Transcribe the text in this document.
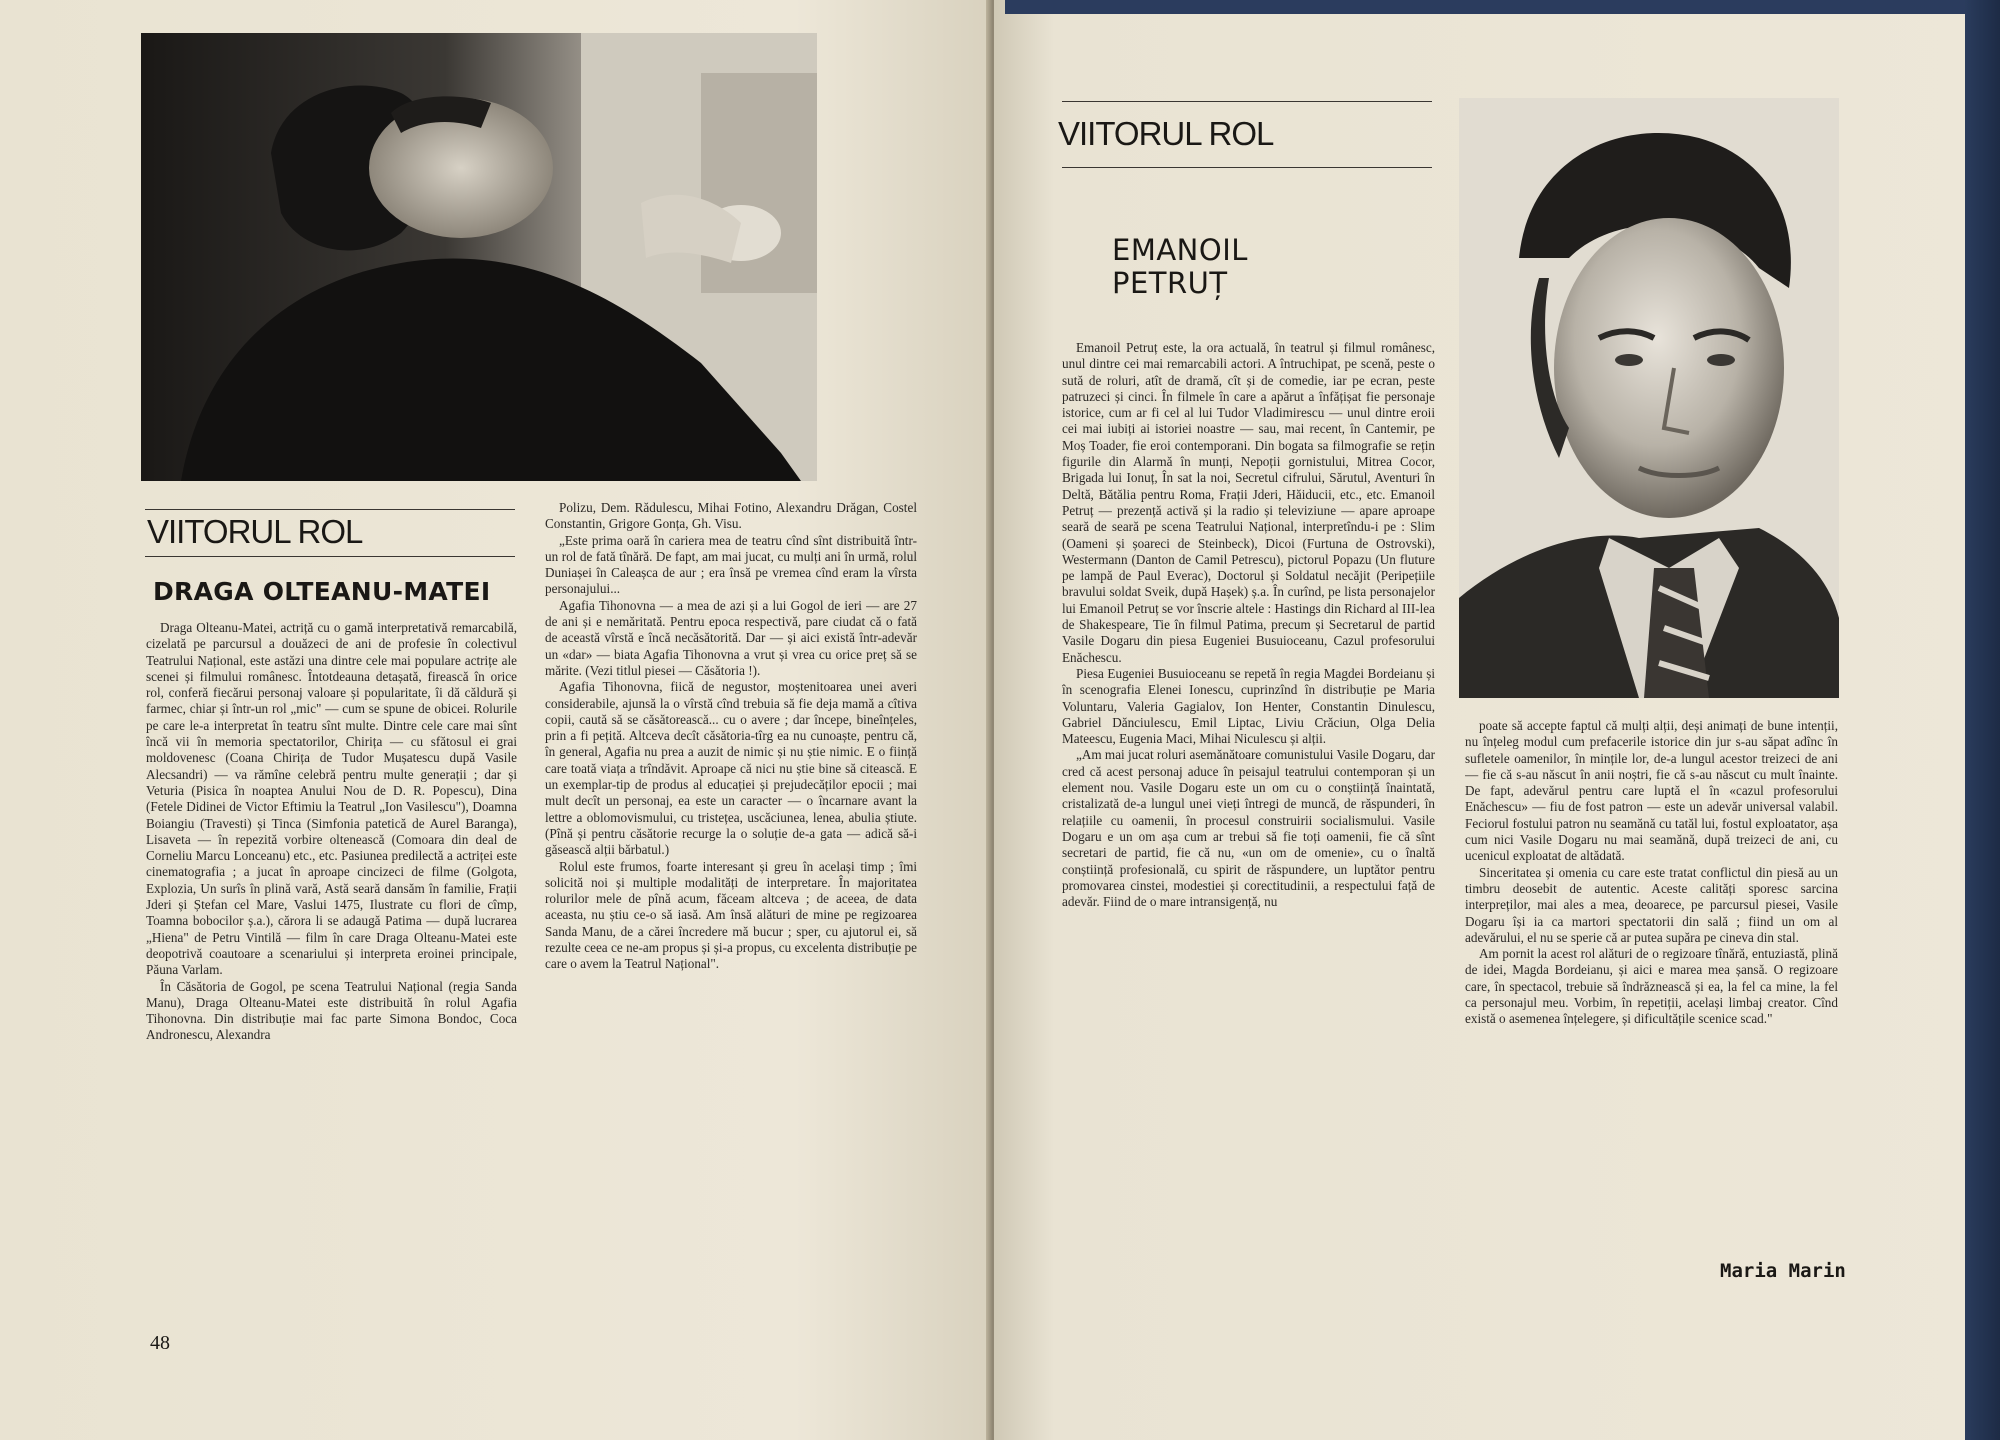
VIITORUL ROL
DRAGA OLTEANU-MATEI

Draga Olteanu-Matei, actriță cu o gamă interpretativă remarcabilă, cizelată pe parcursul a douăzeci de ani de profesie în colectivul Teatrului Național, este astăzi una dintre cele mai populare actrițe ale scenei și filmului românesc. Întotdeauna detașată, firească în orice rol, conferă fiecărui personaj valoare și popularitate, îi dă căldură și farmec, chiar și într-un rol „mic" — cum se spune de obicei. Rolurile pe care le-a interpretat în teatru sînt multe. Dintre cele care mai sînt încă vii în memoria spectatorilor, Chirița — cu sfătosul ei grai moldovenesc (Coana Chirița de Tudor Mușatescu după Vasile Alecsandri) — va rămîne celebră pentru multe generații ; dar și Veturia (Pisica în noaptea Anului Nou de D. R. Popescu), Dina (Fetele Didinei de Victor Eftimiu la Teatrul „Ion Vasilescu"), Doamna Boiangiu (Travesti) și Tinca (Simfonia patetică de Aurel Baranga), Lisaveta — în repezită vorbire oltenească (Comoara din deal de Corneliu Marcu Lonceanu) etc., etc. Pasiunea predilectă a actriței este cinematografia ; a jucat în aproape cincizeci de filme (Golgota, Explozia, Un surîs în plină vară, Astă seară dansăm în familie, Frații Jderi și Ștefan cel Mare, Vaslui 1475, Ilustrate cu flori de cîmp, Toamna bobocilor ș.a.), cărora li se adaugă Patima — după lucrarea „Hiena" de Petru Vintilă — film în care Draga Olteanu-Matei este deopotrivă coautoare a scenariului și interpreta eroinei principale, Păuna Varlam.

În Căsătoria de Gogol, pe scena Teatrului Național (regia Sanda Manu), Draga Olteanu-Matei este distribuită în rolul Agafia Tihonovna. Din distribuție mai fac parte Simona Bondoc, Coca Andronescu, Alexandra

Polizu, Dem. Rădulescu, Mihai Fotino, Alexandru Drăgan, Costel Constantin, Grigore Gonța, Gh. Visu.

„Este prima oară în cariera mea de teatru cînd sînt distribuită într-un rol de fată tînără. De fapt, am mai jucat, cu mulți ani în urmă, rolul Duniașei în Caleașca de aur ; era însă pe vremea cînd eram la vîrsta personajului...

Agafia Tihonovna — a mea de azi și a lui Gogol de ieri — are 27 de ani și e nemăritată. Pentru epoca respectivă, pare ciudat că o fată de această vîrstă e încă necăsătorită. Dar — și aici există într-adevăr un «dar» — biata Agafia Tihonovna a vrut și vrea cu orice preț să se mărite. (Vezi titlul piesei — Căsătoria !).

Agafia Tihonovna, fiică de negustor, moștenitoarea unei averi considerabile, ajunsă la o vîrstă cînd trebuia să fie deja mamă a cîtiva copii, caută să se căsătorească... cu o avere ; dar începe, bineînțeles, prin a fi pețită. Altceva decît căsătoria-tîrg ea nu cunoaște, pentru că, în general, Agafia nu prea a auzit de nimic și nu știe nimic. E o ființă care toată viața a trîndăvit. Aproape că nici nu știe bine să citească. E un exemplar-tip de produs al educației și prejudecăților epocii ; mai mult decît un personaj, ea este un caracter — o încarnare avant la lettre a oblomovismului, cu tristețea, uscăciunea, lenea, abulia știute. (Pînă și pentru căsătorie recurge la o soluție de-a gata — adică să-i găsească alții bărbatul.)

Rolul este frumos, foarte interesant și greu în același timp ; îmi solicită noi și multiple modalități de interpretare. În majoritatea rolurilor mele de pînă acum, făceam altceva ; de aceea, de data aceasta, nu știu ce-o să iasă. Am însă alături de mine pe regizoarea Sanda Manu, de a cărei încredere mă bucur ; sper, cu ajutorul ei, să rezulte ceea ce ne-am propus și și-a propus, cu excelenta distribuție pe care o avem la Teatrul Național".

48
VIITORUL ROL
EMANOIL
PETRUȚ

Emanoil Petruț este, la ora actuală, în teatrul și filmul românesc, unul dintre cei mai remarcabili actori. A întruchipat, pe scenă, peste o sută de roluri, atît de dramă, cît și de comedie, iar pe ecran, peste patruzeci și cinci. În filmele în care a apărut a înfățișat fie personaje istorice, cum ar fi cel al lui Tudor Vladimirescu — unul dintre eroii cei mai iubiți ai istoriei noastre — sau, mai recent, în Cantemir, pe Moș Toader, fie eroi contemporani. Din bogata sa filmografie se rețin figurile din Alarmă în munți, Nepoții gornistului, Mitrea Cocor, Brigada lui Ionuț, În sat la noi, Secretul cifrului, Sărutul, Aventuri în Deltă, Bătălia pentru Roma, Frații Jderi, Hăiducii, etc., etc. Emanoil Petruț — prezență activă și la radio și televiziune — apare aproape seară de seară pe scena Teatrului Național, interpretîndu-i pe : Slim (Oameni și șoareci de Steinbeck), Dicoi (Furtuna de Ostrovski), Westermann (Danton de Camil Petrescu), pictorul Popazu (Un fluture pe lampă de Paul Everac), Doctorul și Soldatul necăjit (Peripețiile bravului soldat Sveik, după Hașek) ș.a. În curînd, pe lista personajelor lui Emanoil Petruț se vor înscrie altele : Hastings din Richard al III-lea de Shakespeare, Tie în filmul Patima, precum și Secretarul de partid Vasile Dogaru din piesa Eugeniei Busuioceanu, Cazul profesorului Enăchescu.

Piesa Eugeniei Busuioceanu se repetă în regia Magdei Bordeianu și în scenografia Elenei Ionescu, cuprinzînd în distribuție pe Maria Voluntaru, Valeria Gagialov, Ion Henter, Constantin Dinulescu, Gabriel Dănciulescu, Emil Liptac, Liviu Crăciun, Olga Delia Mateescu, Eugenia Maci, Mihai Niculescu și alții.

„Am mai jucat roluri asemănătoare comunistului Vasile Dogaru, dar cred că acest personaj aduce în peisajul teatrului contemporan și un element nou. Vasile Dogaru este un om cu o conștiință înaintată, cristalizată de-a lungul unei vieți întregi de muncă, de răspunderi, în relațiile cu oamenii, în procesul construirii socialismului. Vasile Dogaru e un om așa cum ar trebui să fie toți oamenii, fie că sînt secretari de partid, fie că nu, «un om de omenie», cu o înaltă conștiință profesională, cu spirit de răspundere, un luptător pentru promovarea cinstei, modestiei și corectitudinii, a respectului față de adevăr. Fiind de o mare intransigență, nu

poate să accepte faptul că mulți alții, deși animați de bune intenții, nu înțeleg modul cum prefacerile istorice din jur s-au săpat adînc în sufletele oamenilor, în mințile lor, de-a lungul acestor treizeci de ani — fie că s-au născut în anii noștri, fie că s-au născut cu mult înainte. De fapt, adevărul pentru care luptă el în «cazul profesorului Enăchescu» — fiu de fost patron — este un adevăr universal valabil. Feciorul fostului patron nu seamănă cu tatăl lui, fostul exploatator, așa cum nici Vasile Dogaru nu mai seamănă, după treizeci de ani, cu ucenicul exploatat de altădată.

Sinceritatea și omenia cu care este tratat conflictul din piesă au un timbru deosebit de autentic. Aceste calități sporesc sarcina interpreților, mai ales a mea, deoarece, pe parcursul piesei, Vasile Dogaru își ia ca martori spectatorii din sală ; fiind un om al adevărului, el nu se sperie că ar putea supăra pe cineva din stal.

Am pornit la acest rol alături de o regizoare tînără, entuziastă, plină de idei, Magda Bordeianu, și aici e marea mea șansă. O regizoare care, în spectacol, trebuie să îndrăznească și ea, la fel ca mine, la fel ca personajul meu. Vorbim, în repetiții, același limbaj creator. Cînd există o asemenea înțelegere, și dificultățile scenice scad."

Maria Marin
